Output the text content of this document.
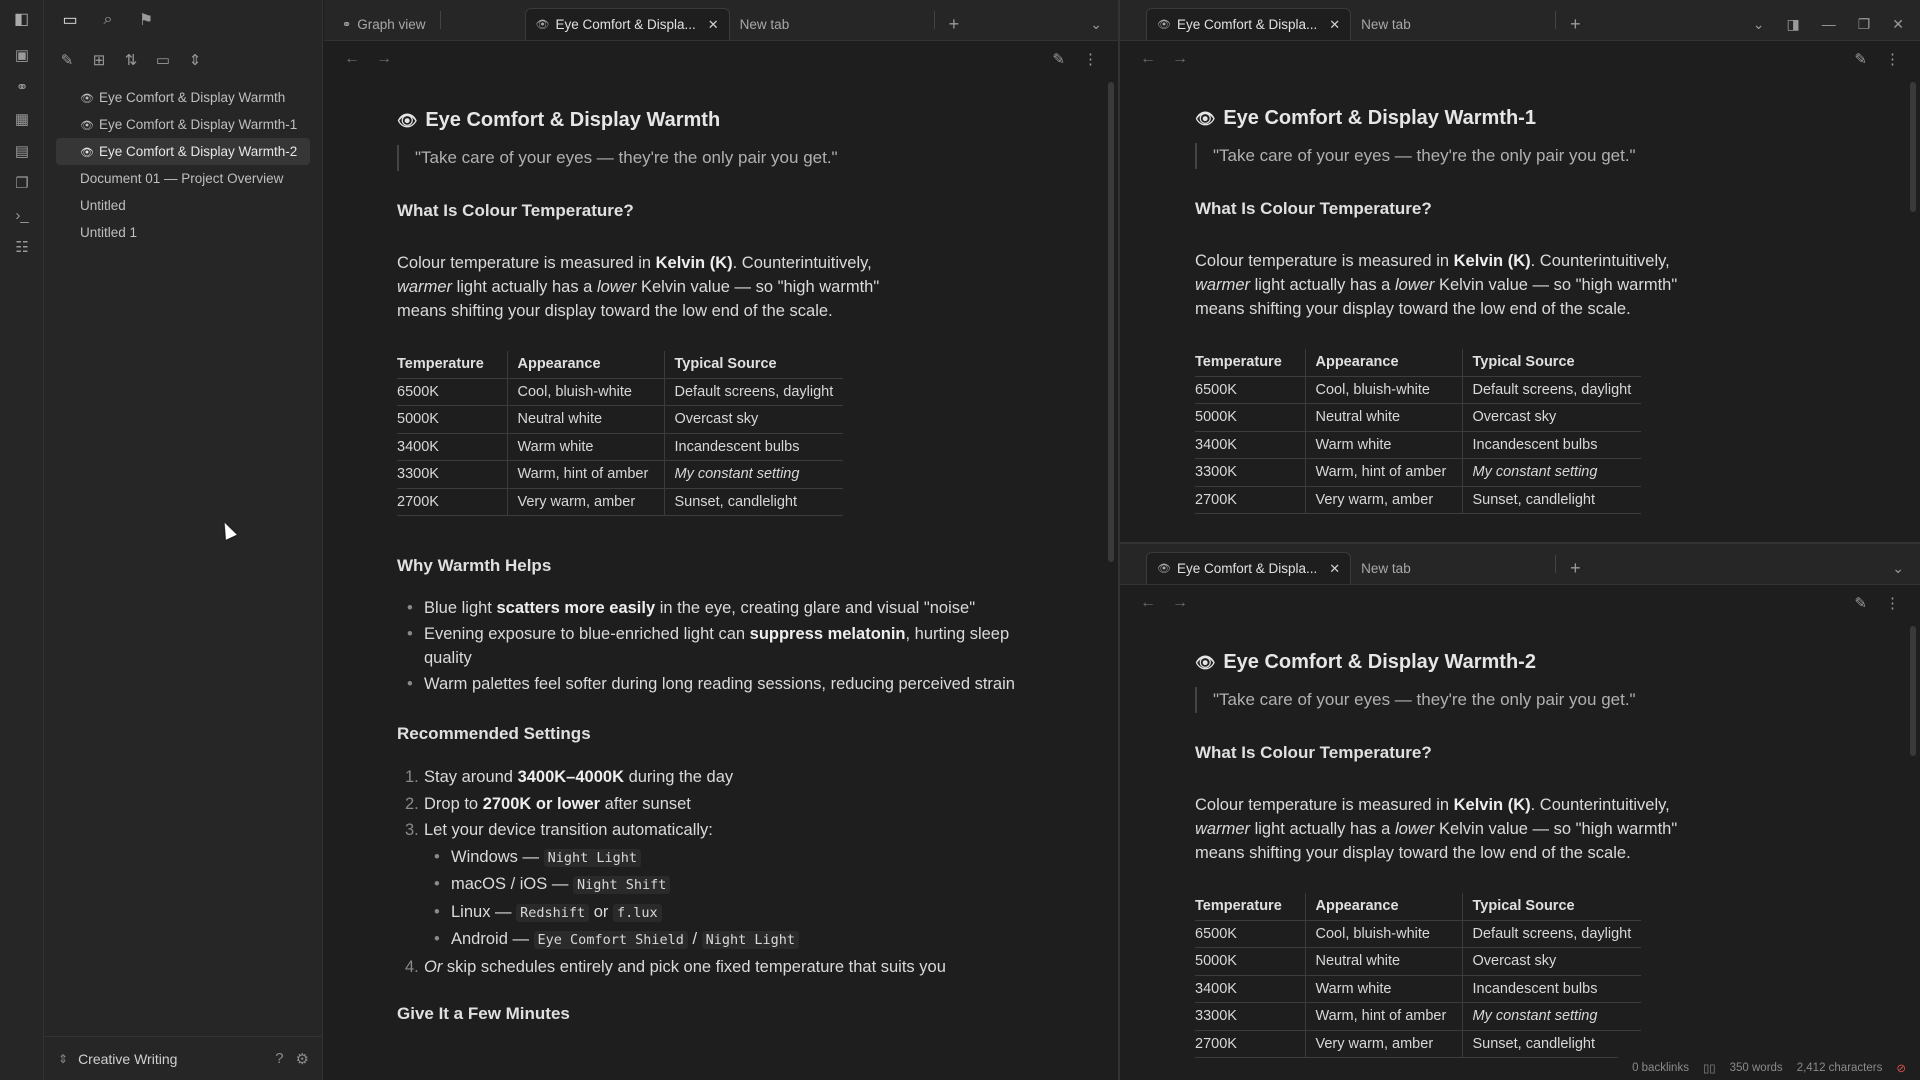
◧
▣
⚭
▦
▤
❐
›_
☷
▭	⌕	⚑
✎ ⊞ ⇅ ▭ ⇕
👁 Eye Comfort & Display Warmth
👁 Eye Comfort & Display Warmth-1
👁 Eye Comfort & Display Warmth-2
Document 01 — Project Overview
Untitled
Untitled 1
⇕ Creative Writing	? ⚙
⚭ Graph view	👁 Eye Comfort & Displa... ✕ New tab	+	⌄
← →	✎ ⋮
👁 Eye Comfort & Display Warmth
"Take care of your eyes — they're the only pair you get."
What Is Colour Temperature?

Colour temperature is measured in Kelvin (K). Counterintuitively, warmer light actually has a lower Kelvin value — so "high warmth" means shifting your display toward the low end of the scale.

Temperature	Appearance	Typical Source
6500K	Cool, bluish-white	Default screens, daylight
5000K	Neutral white	Overcast sky
3400K	Warm white	Incandescent bulbs
3300K	Warm, hint of amber	My constant setting
2700K	Very warm, amber	Sunset, candlelight
Why Warmth Helps
• Blue light scatters more easily in the eye, creating glare and visual "noise"
• Evening exposure to blue-enriched light can suppress melatonin, hurting sleep quality
• Warm palettes feel softer during long reading sessions, reducing perceived strain
Recommended Settings
1. Stay around 3400K–4000K during the day
2. Drop to 2700K or lower after sunset
3. Let your device transition automatically:
• Windows — Night Light
• macOS / iOS — Night Shift
• Linux — Redshift or f.lux
• Android — Eye Comfort Shield / Night Light
4. Or skip schedules entirely and pick one fixed temperature that suits you
Give It a Few Minutes
👁 Eye Comfort & Displa... ✕ New tab	+	⌄ ◨ — ❐ ✕
← →	✎ ⋮
👁 Eye Comfort & Display Warmth-1
"Take care of your eyes — they're the only pair you get."
What Is Colour Temperature?

Colour temperature is measured in Kelvin (K). Counterintuitively, warmer light actually has a lower Kelvin value — so "high warmth" means shifting your display toward the low end of the scale.

Temperature	Appearance	Typical Source
6500K	Cool, bluish-white	Default screens, daylight
5000K	Neutral white	Overcast sky
3400K	Warm white	Incandescent bulbs
3300K	Warm, hint of amber	My constant setting
2700K	Very warm, amber	Sunset, candlelight
👁 Eye Comfort & Displa... ✕ New tab	+	⌄
← →	✎ ⋮
👁 Eye Comfort & Display Warmth-2
"Take care of your eyes — they're the only pair you get."
What Is Colour Temperature?

Colour temperature is measured in Kelvin (K). Counterintuitively, warmer light actually has a lower Kelvin value — so "high warmth" means shifting your display toward the low end of the scale.

Temperature	Appearance	Typical Source
6500K	Cool, bluish-white	Default screens, daylight
5000K	Neutral white	Overcast sky
3400K	Warm white	Incandescent bulbs
3300K	Warm, hint of amber	My constant setting
2700K	Very warm, amber	Sunset, candlelight
0 backlinks ▯▯ 350 words 2,412 characters ⊘
